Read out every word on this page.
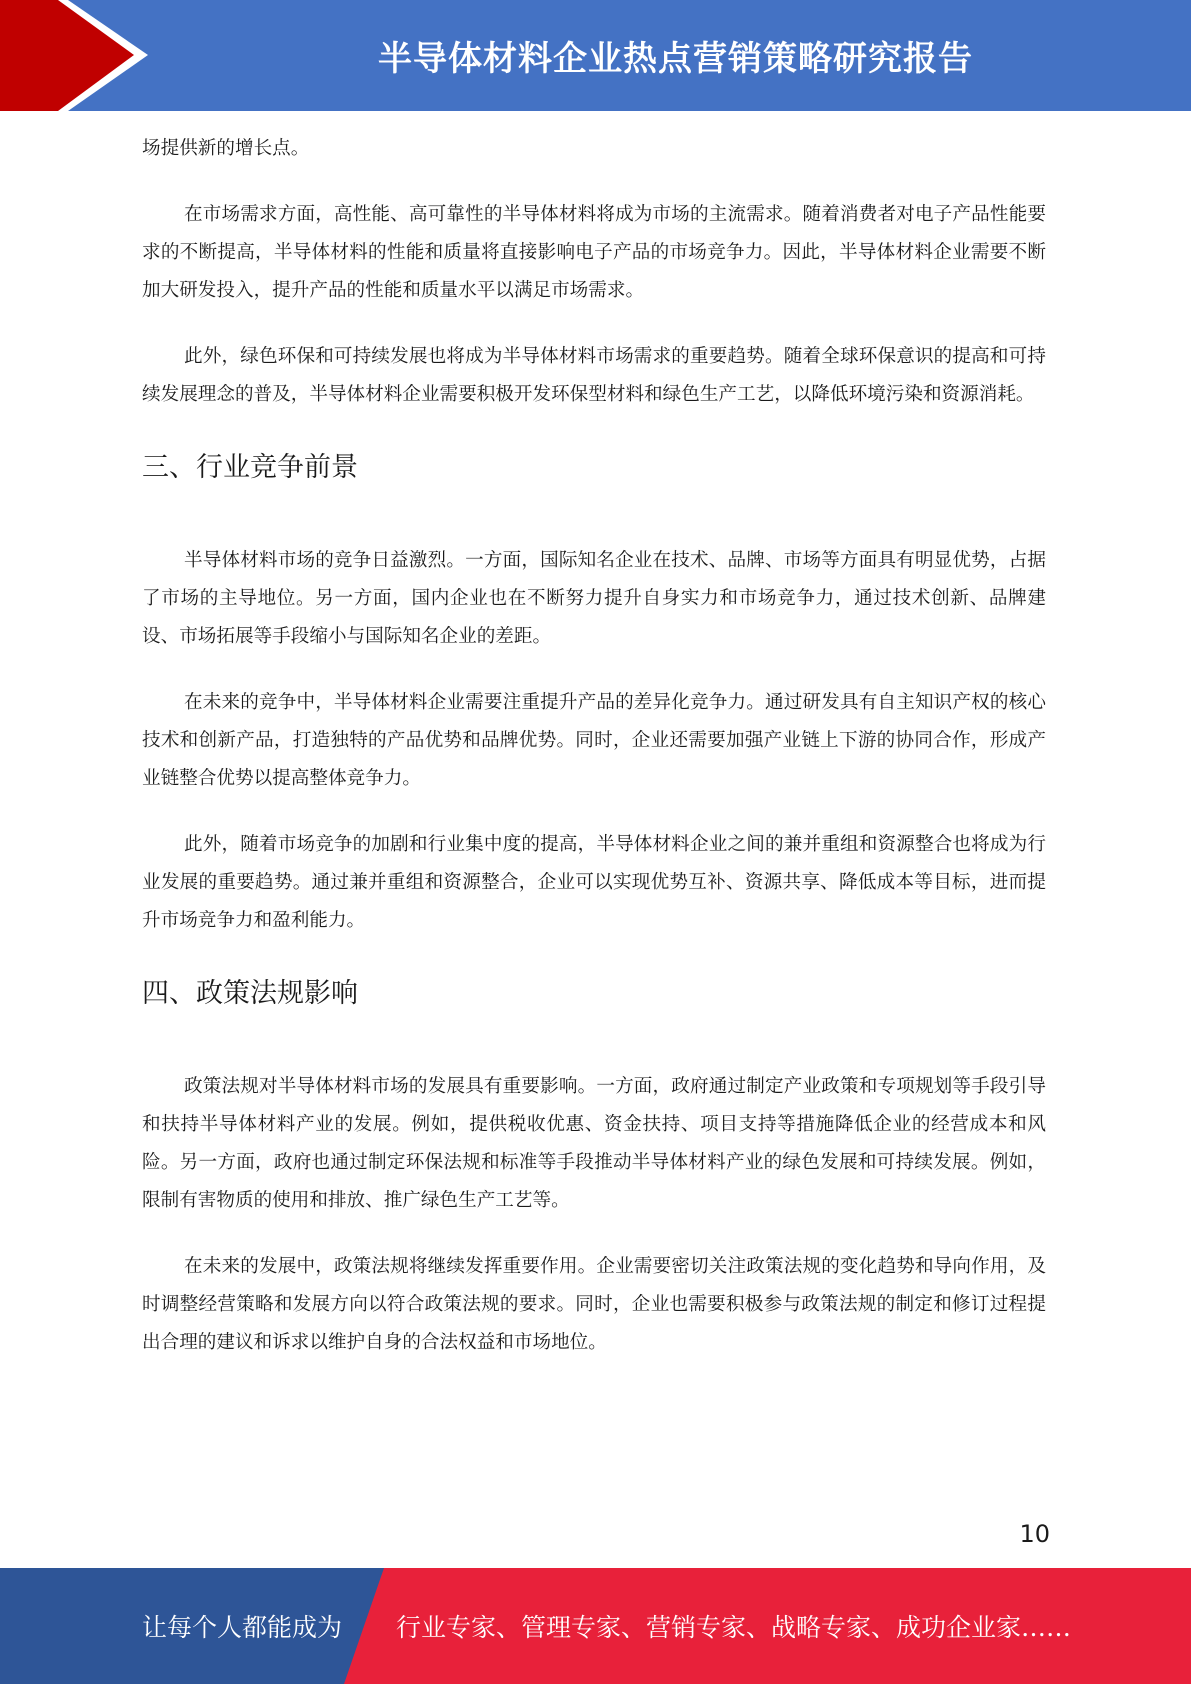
半导体材料企业热点营销策略研究报告

场提供新的增长点。

在市场需求方面，高性能、高可靠性的半导体材料将成为市场的主流需求。随着消费者对电子产品性能要求的不断提高，半导体材料的性能和质量将直接影响电子产品的市场竞争力。因此，半导体材料企业需要不断加大研发投入，提升产品的性能和质量水平以满足市场需求。

此外，绿色环保和可持续发展也将成为半导体材料市场需求的重要趋势。随着全球环保意识的提高和可持续发展理念的普及，半导体材料企业需要积极开发环保型材料和绿色生产工艺，以降低环境污染和资源消耗。

三、行业竞争前景

半导体材料市场的竞争日益激烈。一方面，国际知名企业在技术、品牌、市场等方面具有明显优势，占据了市场的主导地位。另一方面，国内企业也在不断努力提升自身实力和市场竞争力，通过技术创新、品牌建设、市场拓展等手段缩小与国际知名企业的差距。

在未来的竞争中，半导体材料企业需要注重提升产品的差异化竞争力。通过研发具有自主知识产权的核心技术和创新产品，打造独特的产品优势和品牌优势。同时，企业还需要加强产业链上下游的协同合作，形成产业链整合优势以提高整体竞争力。

此外，随着市场竞争的加剧和行业集中度的提高，半导体材料企业之间的兼并重组和资源整合也将成为行业发展的重要趋势。通过兼并重组和资源整合，企业可以实现优势互补、资源共享、降低成本等目标，进而提升市场竞争力和盈利能力。

四、政策法规影响

政策法规对半导体材料市场的发展具有重要影响。一方面，政府通过制定产业政策和专项规划等手段引导和扶持半导体材料产业的发展。例如，提供税收优惠、资金扶持、项目支持等措施降低企业的经营成本和风险。另一方面，政府也通过制定环保法规和标准等手段推动半导体材料产业的绿色发展和可持续发展。例如，限制有害物质的使用和排放、推广绿色生产工艺等。

在未来的发展中，政策法规将继续发挥重要作用。企业需要密切关注政策法规的变化趋势和导向作用，及时调整经营策略和发展方向以符合政策法规的要求。同时，企业也需要积极参与政策法规的制定和修订过程提出合理的建议和诉求以维护自身的合法权益和市场地位。

10
让每个人都能成为 行业专家、管理专家、营销专家、战略专家、成功企业家……
